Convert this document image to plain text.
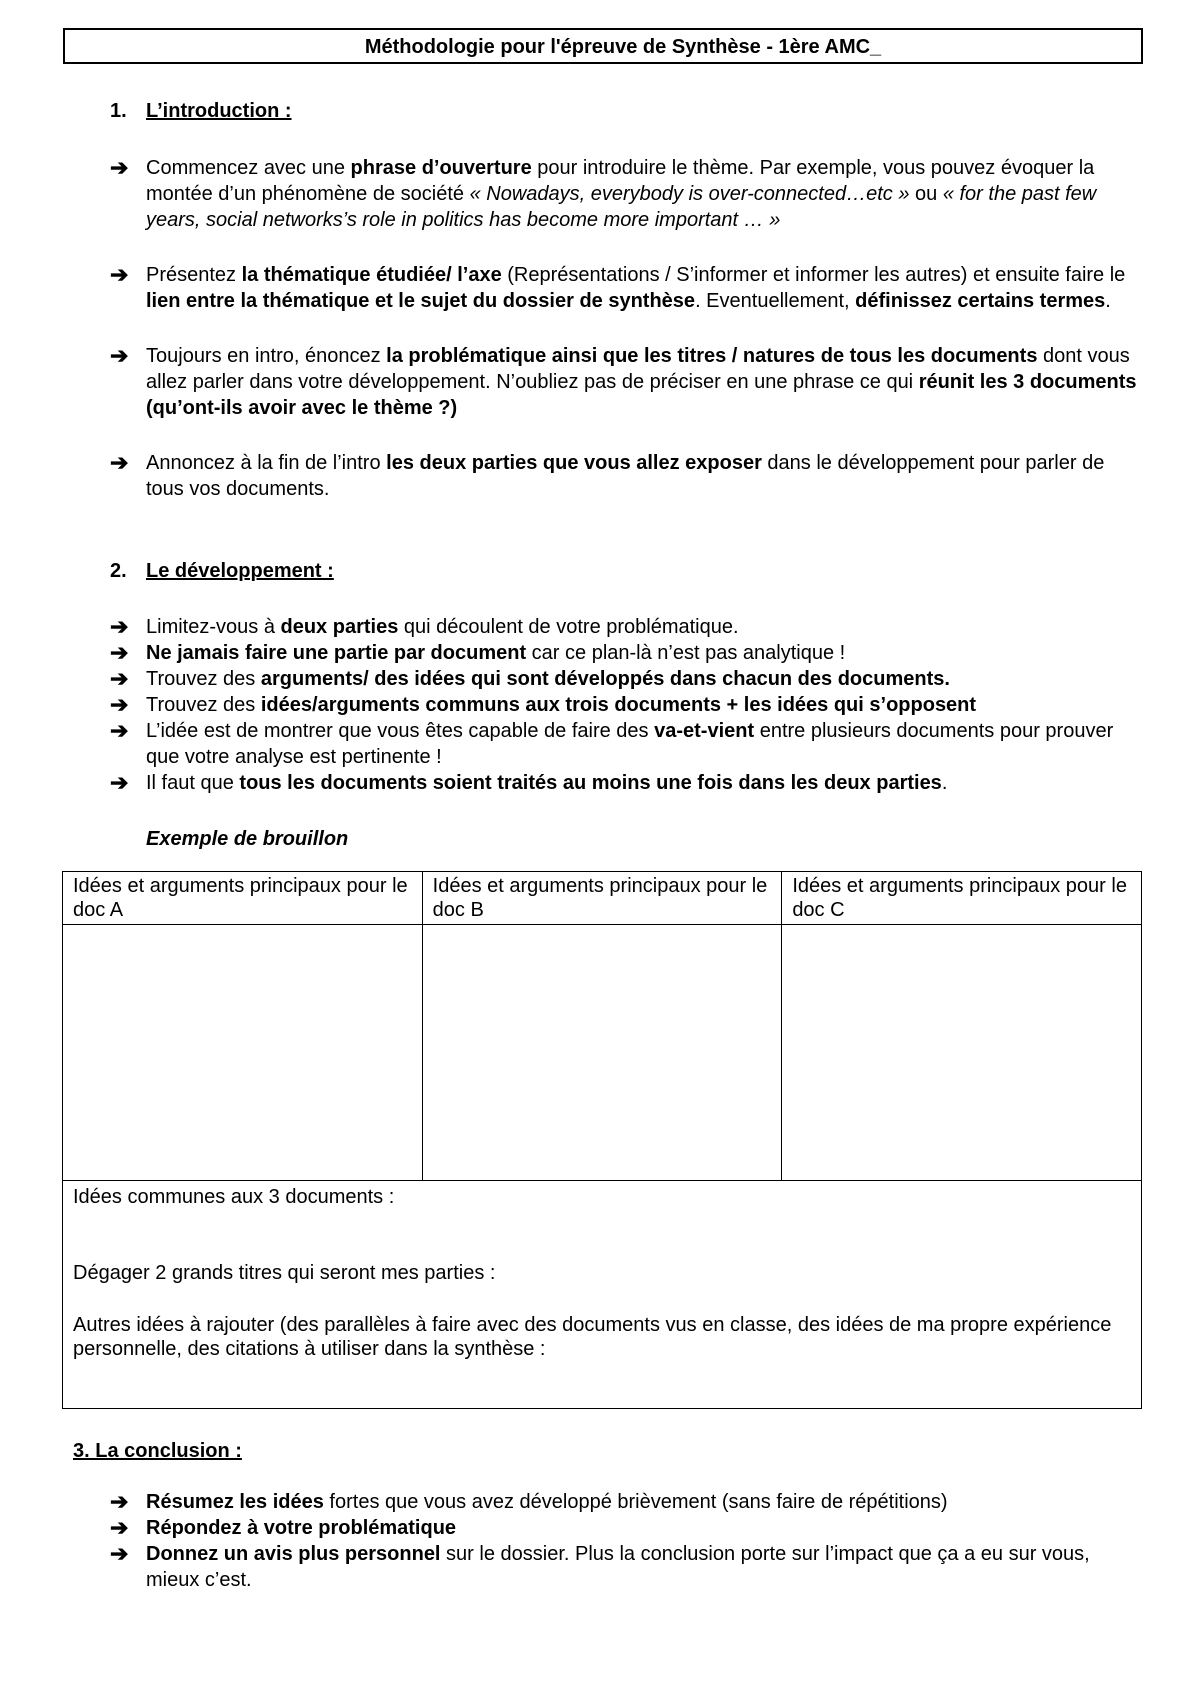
Méthodologie pour l'épreuve de Synthèse - 1ère AMC_
1. L’introduction :
➔ Commencez avec une phrase d’ouverture pour introduire le thème. Par exemple, vous pouvez évoquer la montée d’un phénomène de société « Nowadays, everybody is over-connected…etc » ou « for the past few years, social networks’s role in politics has become more important … »
➔ Présentez la thématique étudiée/ l’axe (Représentations / S’informer et informer les autres) et ensuite faire le lien entre la thématique et le sujet du dossier de synthèse. Eventuellement, définissez certains termes.
➔ Toujours en intro, énoncez la problématique ainsi que les titres / natures de tous les documents dont vous allez parler dans votre développement. N’oubliez pas de préciser en une phrase ce qui réunit les 3 documents (qu’ont-ils avoir avec le thème ?)
➔ Annoncez à la fin de l’intro les deux parties que vous allez exposer dans le développement pour parler de tous vos documents.
2. Le développement :
➔ Limitez-vous à deux parties qui découlent de votre problématique.
➔ Ne jamais faire une partie par document car ce plan-là n’est pas analytique !
➔ Trouvez des arguments/ des idées qui sont développés dans chacun des documents.
➔ Trouvez des idées/arguments communs aux trois documents + les idées qui s’opposent
➔ L’idée est de montrer que vous êtes capable de faire des va-et-vient entre plusieurs documents pour prouver que votre analyse est pertinente !
➔ Il faut que tous les documents soient traités au moins une fois dans les deux parties.
Exemple de brouillon
Idées et arguments principaux pour le doc A	Idées et arguments principaux pour le doc B	Idées et arguments principaux pour le doc C

Idées communes aux 3 documents :

Dégager 2 grands titres qui seront mes parties :

Autres idées à rajouter (des parallèles à faire avec des documents vus en classe, des idées de ma propre expérience personnelle, des citations à utiliser dans la synthèse :		

3. La conclusion :
➔ Résumez les idées fortes que vous avez développé brièvement (sans faire de répétitions)
➔ Répondez à votre problématique
➔ Donnez un avis plus personnel sur le dossier. Plus la conclusion porte sur l’impact que ça a eu sur vous, mieux c’est.
